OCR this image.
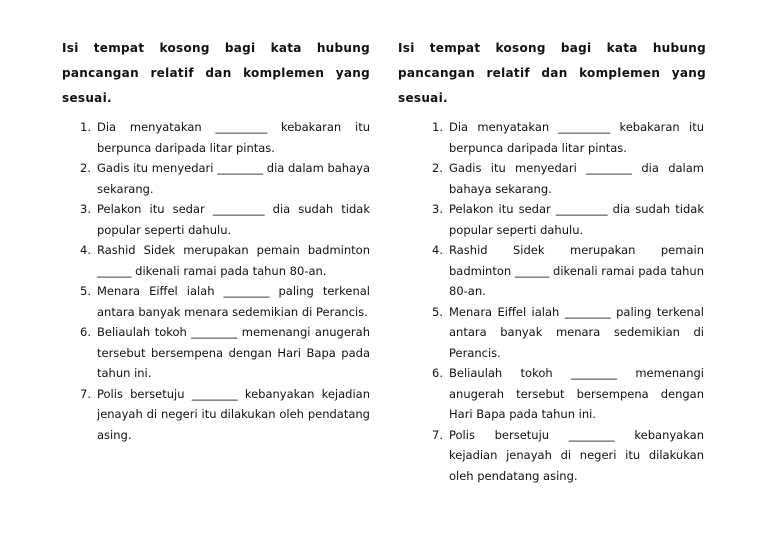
Isi tempat kosong bagi kata hubung pancangan relatif dan komplemen yang sesuai.

1. Dia menyatakan _________ kebakaran itu berpunca daripada litar pintas.
2. Gadis itu menyedari ________ dia dalam bahaya sekarang.
3. Pelakon itu sedar _________ dia sudah tidak popular seperti dahulu.
4. Rashid Sidek merupakan pemain badminton ______ dikenali ramai pada tahun 80-an.
5. Menara Eiffel ialah ________ paling terkenal antara banyak menara sedemikian di Perancis.
6. Beliaulah tokoh ________ memenangi anugerah tersebut bersempena dengan Hari Bapa pada tahun ini.
7. Polis bersetuju ________ kebanyakan kejadian jenayah di negeri itu dilakukan oleh pendatang asing.

Isi tempat kosong bagi kata hubung pancangan relatif dan komplemen yang sesuai.

1. Dia menyatakan _________ kebakaran itu berpunca daripada litar pintas.
2. Gadis itu menyedari ________ dia dalam bahaya sekarang.
3. Pelakon itu sedar _________ dia sudah tidak popular seperti dahulu.
4. Rashid Sidek merupakan pemain badminton ______ dikenali ramai pada tahun 80-an.
5. Menara Eiffel ialah ________ paling terkenal antara banyak menara sedemikian di Perancis.
6. Beliaulah tokoh ________ memenangi anugerah tersebut bersempena dengan Hari Bapa pada tahun ini.
7. Polis bersetuju ________ kebanyakan kejadian jenayah di negeri itu dilakukan oleh pendatang asing.
